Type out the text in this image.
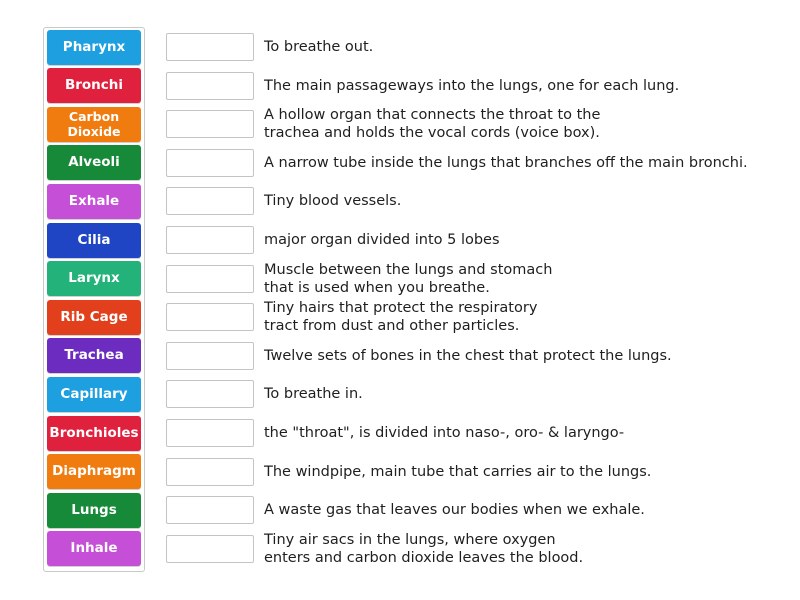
Pharynx
Bronchi
Carbon Dioxide
Alveoli
Exhale
Cilia
Larynx
Rib Cage
Trachea
Capillary
Bronchioles
Diaphragm
Lungs
Inhale
To breathe out.
The main passageways into the lungs, one for each lung.
A hollow organ that connects the throat to the
trachea and holds the vocal cords (voice box).
A narrow tube inside the lungs that branches off the main bronchi.
Tiny blood vessels.
major organ divided into 5 lobes
Muscle between the lungs and stomach
that is used when you breathe.
Tiny hairs that protect the respiratory
tract from dust and other particles.
Twelve sets of bones in the chest that protect the lungs.
To breathe in.
the "throat", is divided into naso-, oro- & laryngo-
The windpipe, main tube that carries air to the lungs.
A waste gas that leaves our bodies when we exhale.
Tiny air sacs in the lungs, where oxygen
enters and carbon dioxide leaves the blood.
